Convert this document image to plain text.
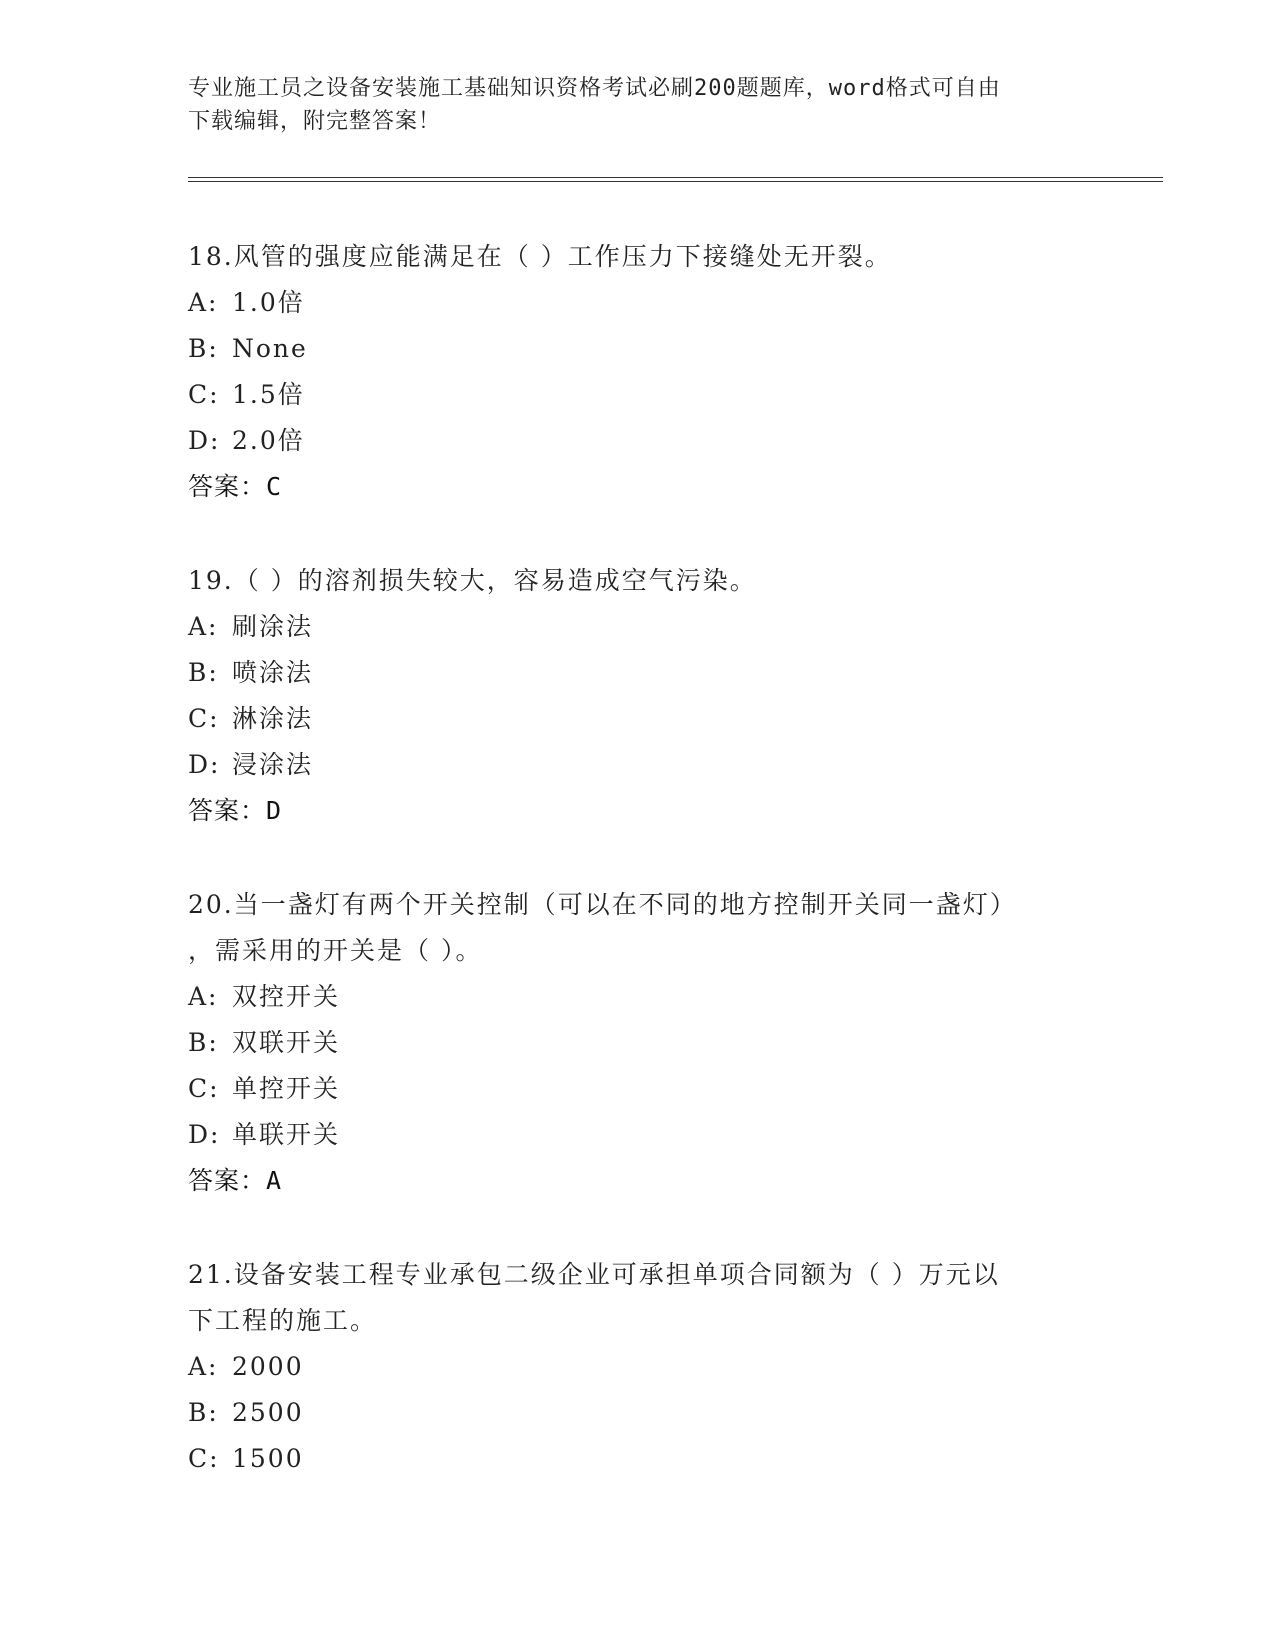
专业施工员之设备安装施工基础知识资格考试必刷200题题库，word格式可自由
下载编辑，附完整答案！
18.风管的强度应能满足在（ ）工作压力下接缝处无开裂。
A: 1.0倍
B: None
C: 1.5倍
D: 2.0倍
答案：C
19.（ ）的溶剂损失较大，容易造成空气污染。
A: 刷涂法
B: 喷涂法
C: 淋涂法
D: 浸涂法
答案：D
20.当一盏灯有两个开关控制（可以在不同的地方控制开关同一盏灯）
，需采用的开关是（ ）。
A: 双控开关
B: 双联开关
C: 单控开关
D: 单联开关
答案：A
21.设备安装工程专业承包二级企业可承担单项合同额为（ ）万元以
下工程的施工。
A: 2000
B: 2500
C: 1500
